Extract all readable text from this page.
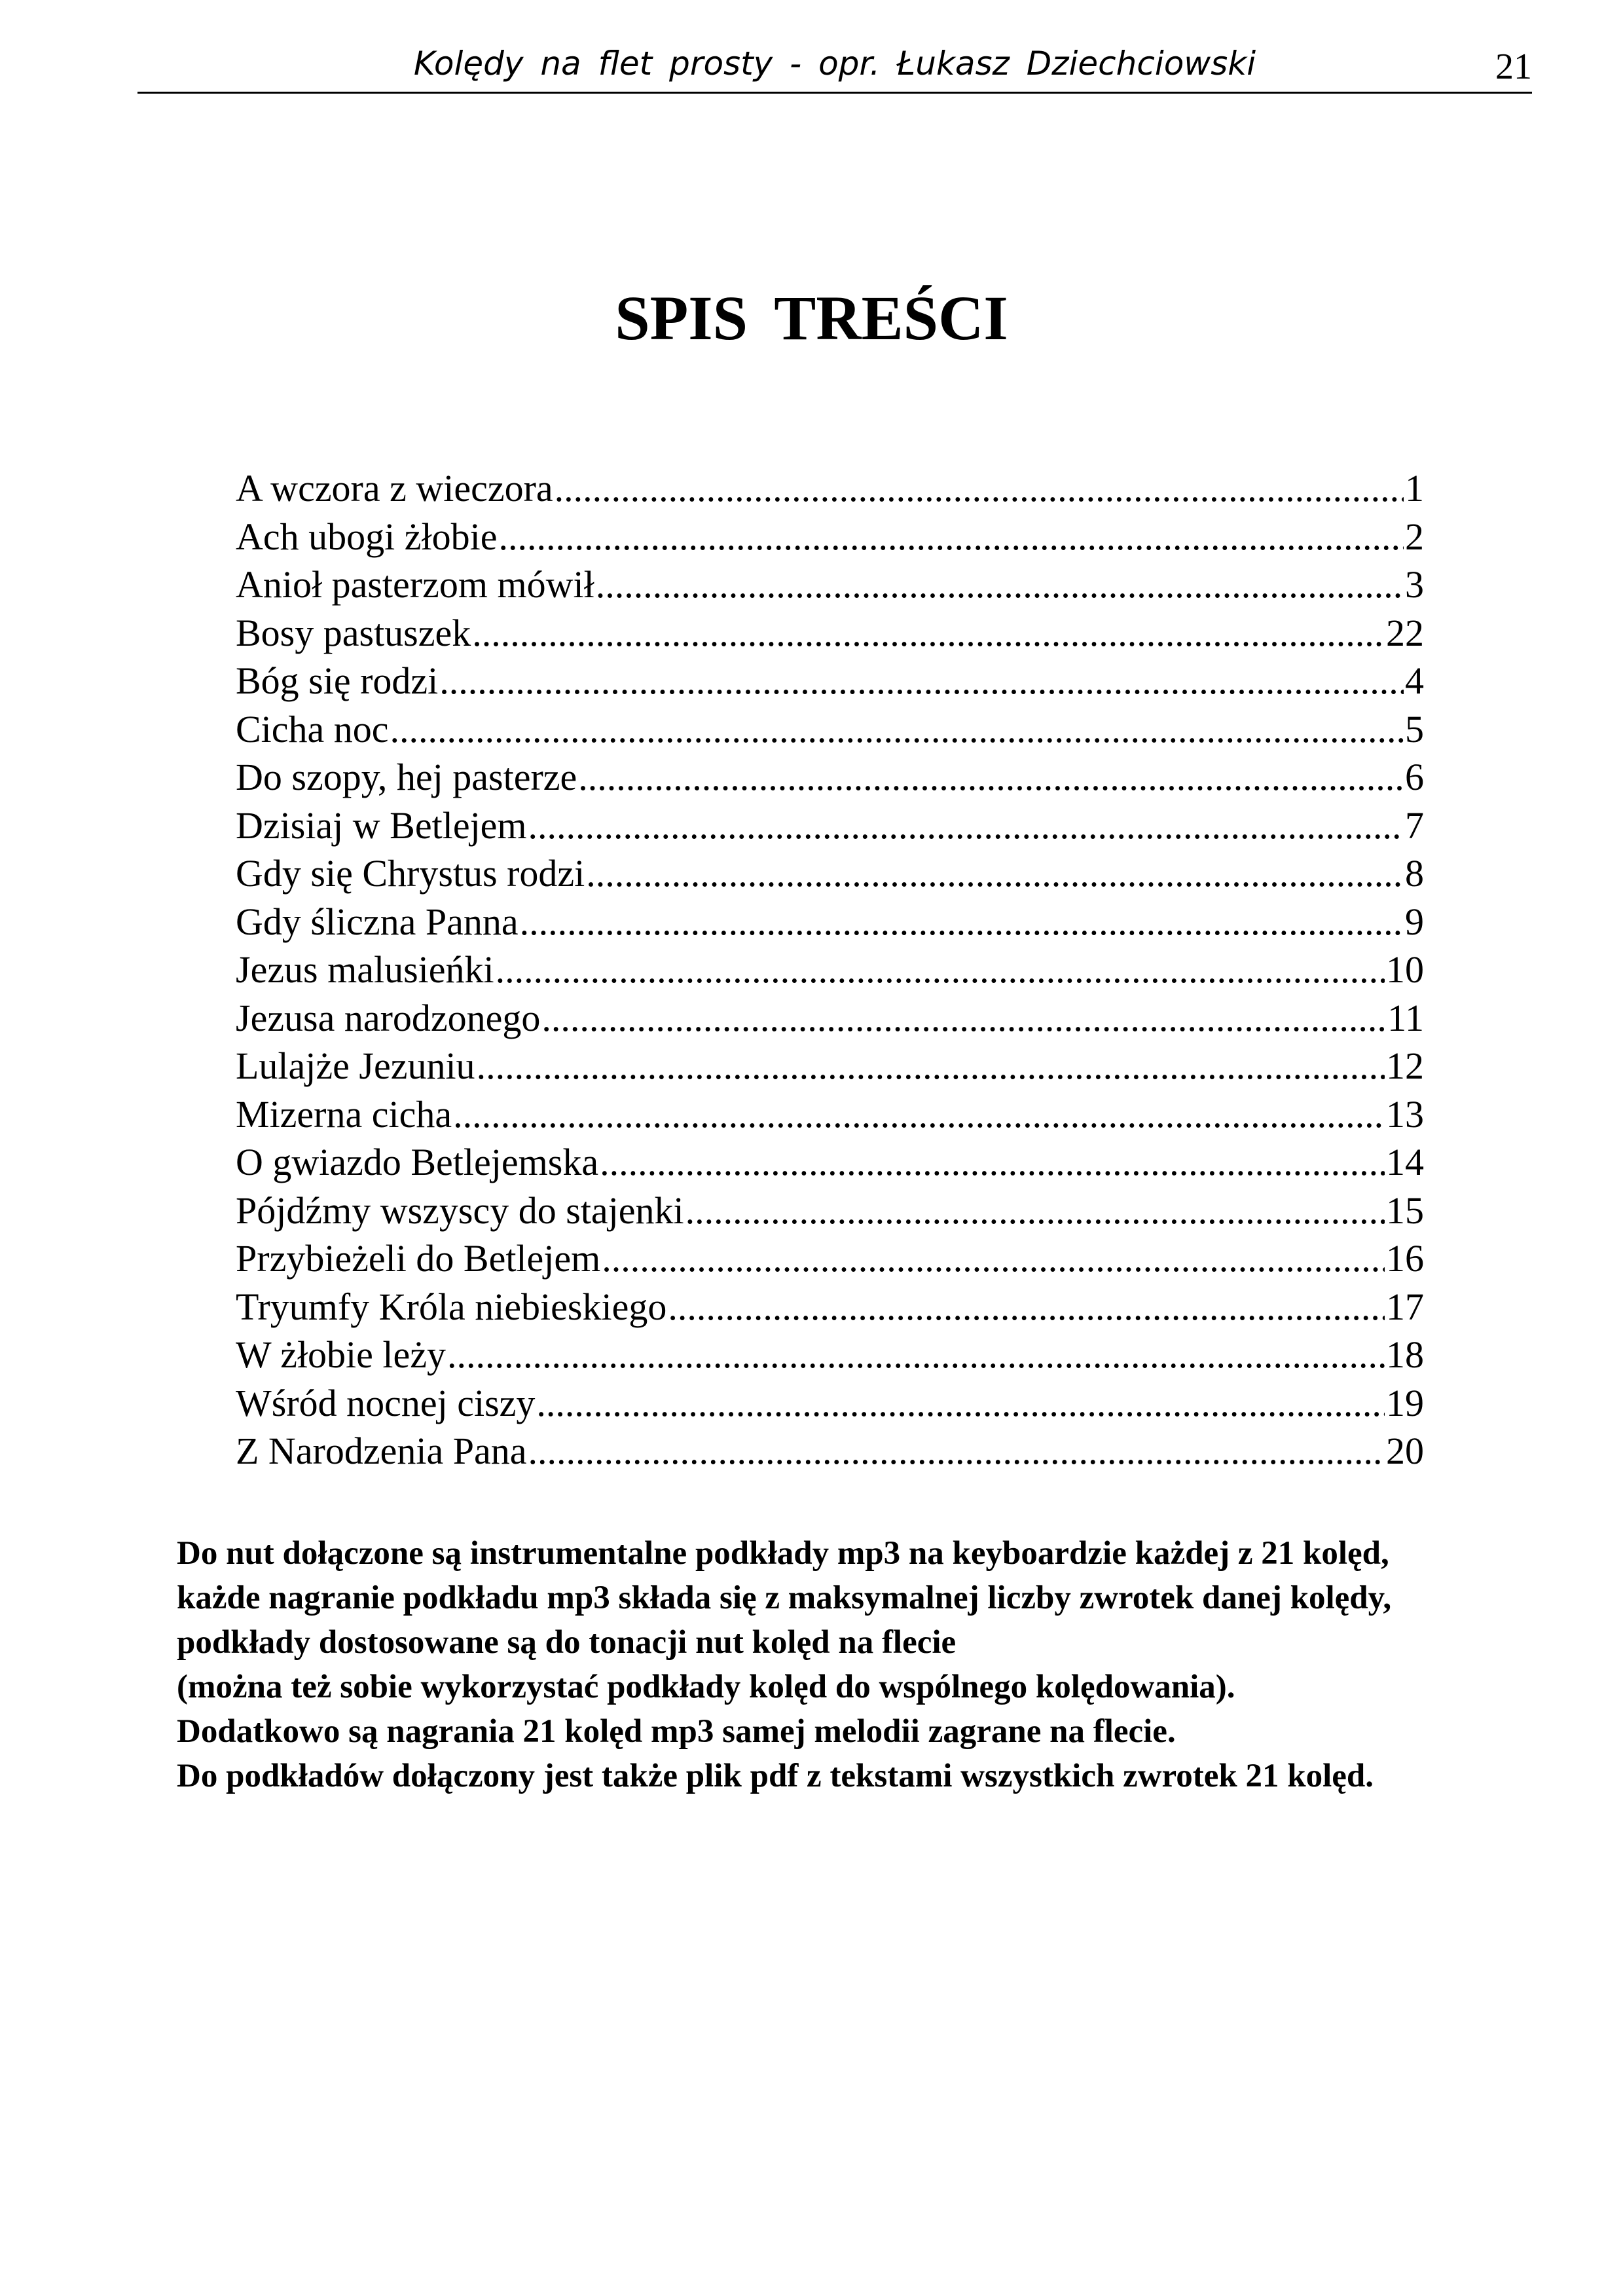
Kolędy na flet prosty - opr. Łukasz Dziechciowski	21
SPIS TREŚCI
A wczora z wieczora .....	1
Ach ubogi żłobie .....	2
Anioł pasterzom mówił .....	3
Bosy pastuszek .....	22
Bóg się rodzi .....	4
Cicha noc .....	5
Do szopy, hej pasterze .....	6
Dzisiaj w Betlejem .....	7
Gdy się Chrystus rodzi .....	8
Gdy śliczna Panna .....	9
Jezus malusieńki .....	10
Jezusa narodzonego .....	11
Lulajże Jezuniu .....	12
Mizerna cicha .....	13
O gwiazdo Betlejemska .....	14
Pójdźmy wszyscy do stajenki .....	15
Przybieżeli do Betlejem .....	16
Tryumfy Króla niebieskiego .....	17
W żłobie leży .....	18
Wśród nocnej ciszy .....	19
Z Narodzenia Pana .....	20
Do nut dołączone są instrumentalne podkłady mp3 na keyboardzie każdej z 21 kolęd,
każde nagranie podkładu mp3 składa się z maksymalnej liczby zwrotek danej kolędy,
podkłady dostosowane są do tonacji nut kolęd na flecie
(można też sobie wykorzystać podkłady kolęd do wspólnego kolędowania).
Dodatkowo są nagrania 21 kolęd mp3 samej melodii zagrane na flecie.
Do podkładów dołączony jest także plik pdf z tekstami wszystkich zwrotek 21 kolęd.
